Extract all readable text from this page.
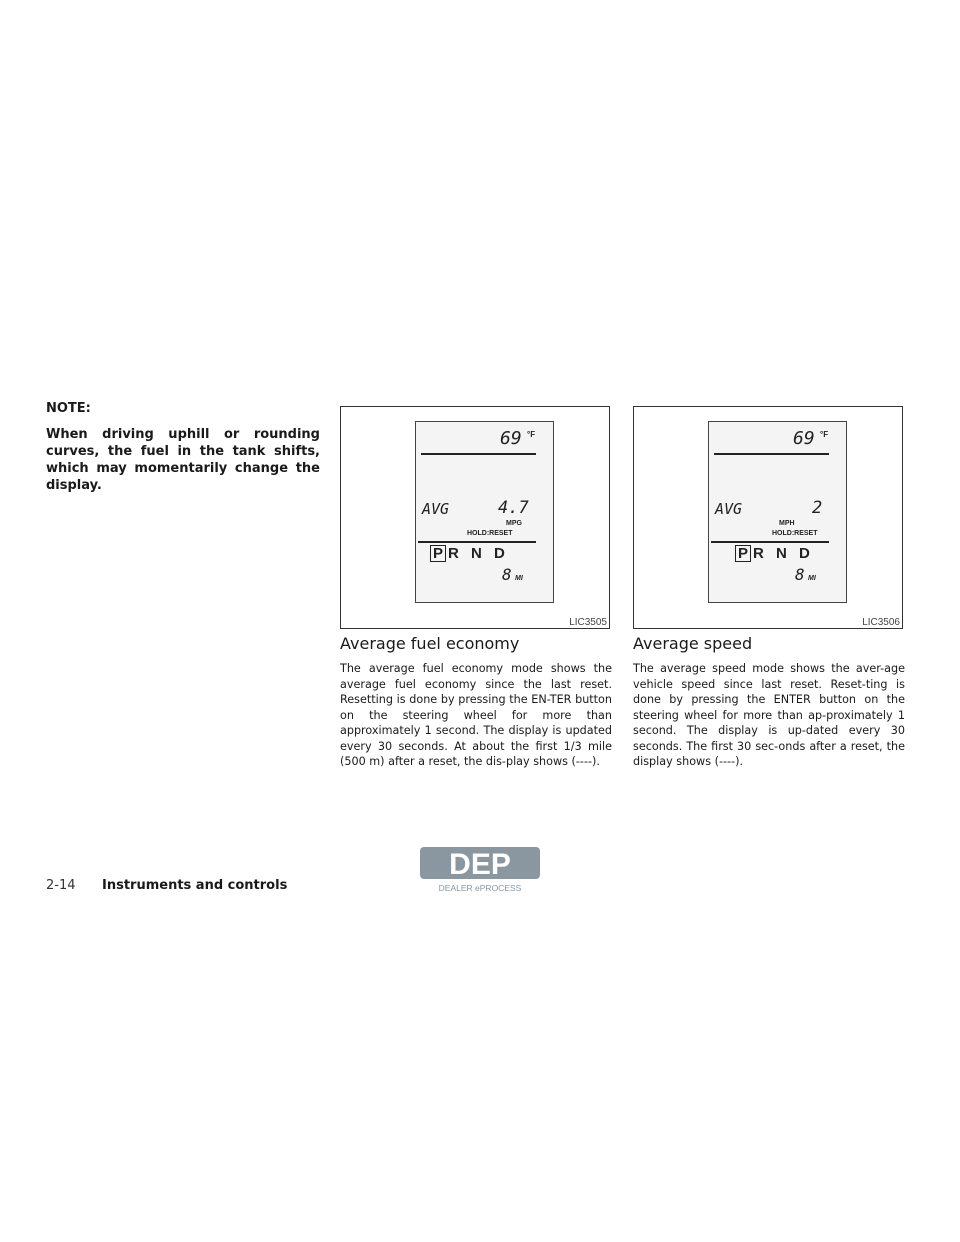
NOTE:
When driving uphill or rounding curves, the fuel in the tank shifts, which may momentarily change the display.
69 °F
AVG	4.7
MPG
HOLD:RESET
P R N D
8 MI
LIC3505
69 °F
AVG	2
MPH
HOLD:RESET
P R N D
8 MI
LIC3506
Average fuel economy
The average fuel economy mode shows the average fuel economy since the last reset. Resetting is done by pressing the EN-TER button on the steering wheel for more than approximately 1 second. The display is updated every 30 seconds. At about the first 1/3 mile (500 m) after a reset, the dis-play shows (----).
Average speed
The average speed mode shows the aver-age vehicle speed since last reset. Reset-ting is done by pressing the ENTER button on the steering wheel for more than ap-proximately 1 second. The display is up-dated every 30 seconds. The first 30 sec-onds after a reset, the display shows (----).
2-14 Instruments and controls
DEP
DEALER ePROCESS
